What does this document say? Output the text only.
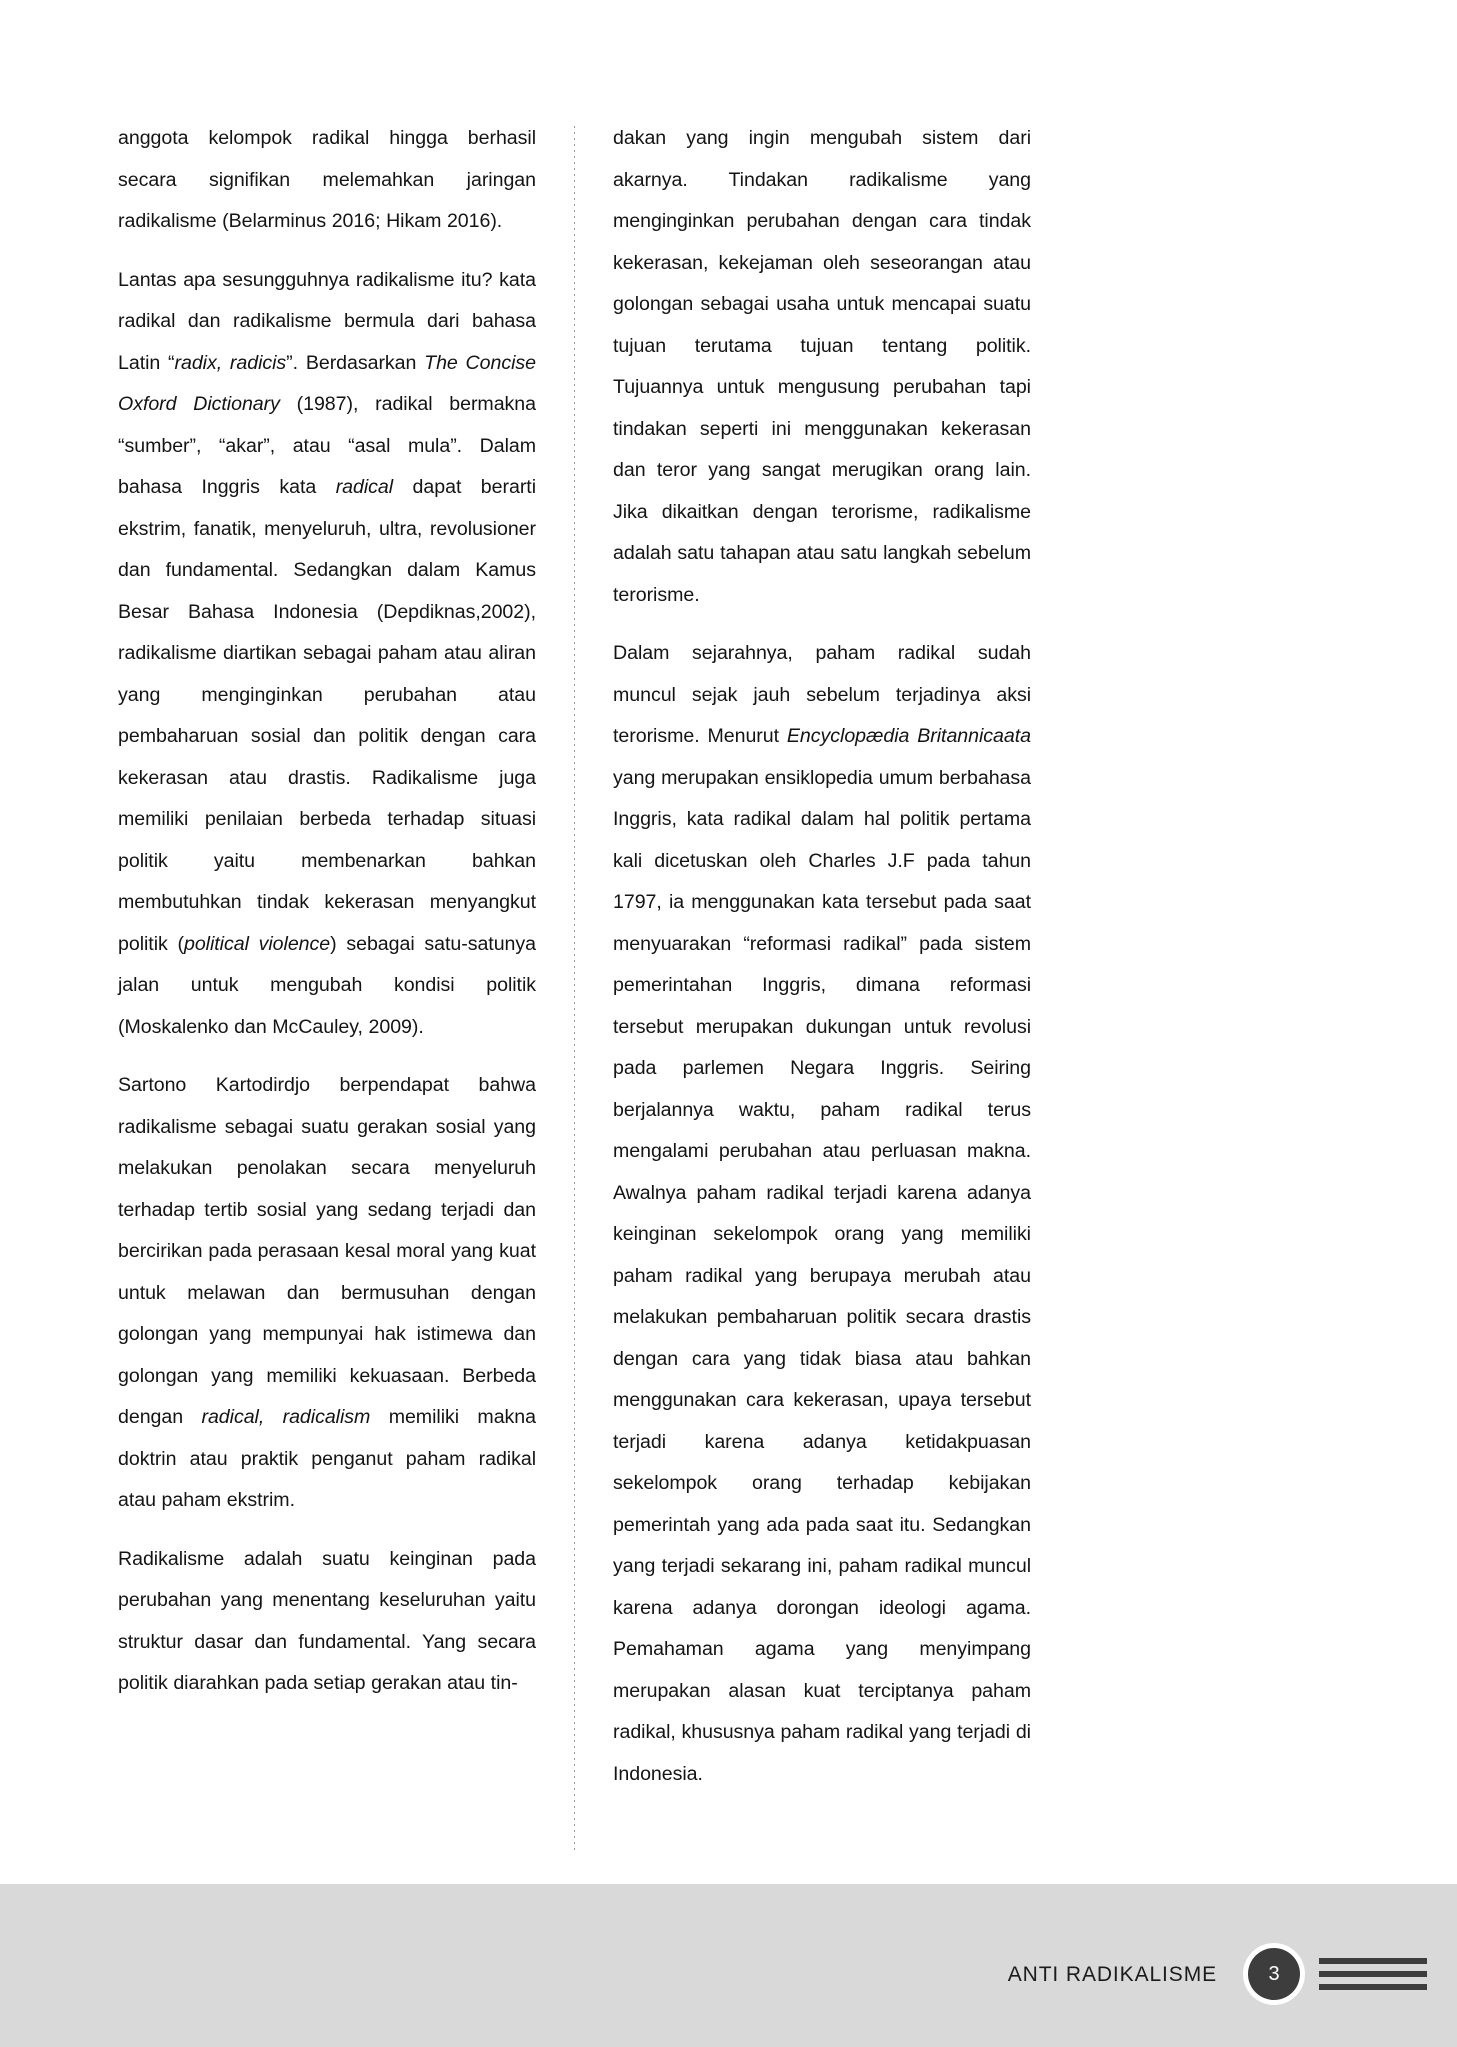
anggota kelompok radikal hingga berhasil secara signifikan melemahkan jaringan radikalisme (Belarminus 2016; Hikam 2016).

Lantas apa sesungguhnya radikalisme itu? kata radikal dan radikalisme bermula dari bahasa Latin “radix, radicis”. Berdasarkan The Concise Oxford Dictionary (1987), radikal bermakna “sumber”, “akar”, atau “asal mula”. Dalam bahasa Inggris kata radical dapat berarti ekstrim, fanatik, menyeluruh, ultra, revolusioner dan fundamental. Sedangkan dalam Kamus Besar Bahasa Indonesia (Depdiknas,2002), radikalisme diartikan sebagai paham atau aliran yang menginginkan perubahan atau pembaharuan sosial dan politik dengan cara kekerasan atau drastis. Radikalisme juga memiliki penilaian berbeda terhadap situasi politik yaitu membenarkan bahkan membutuhkan tindak kekerasan menyangkut politik (political violence) sebagai satu-satunya jalan untuk mengubah kondisi politik (Moskalenko dan McCauley, 2009).

Sartono Kartodirdjo berpendapat bahwa radikalisme sebagai suatu gerakan sosial yang melakukan penolakan secara menyeluruh terhadap tertib sosial yang sedang terjadi dan bercirikan pada perasaan kesal moral yang kuat untuk melawan dan bermusuhan dengan golongan yang mempunyai hak istimewa dan golongan yang memiliki kekuasaan. Berbeda dengan radical, radicalism memiliki makna doktrin atau praktik penganut paham radikal atau paham ekstrim.

Radikalisme adalah suatu keinginan pada perubahan yang menentang keseluruhan yaitu struktur dasar dan fundamental. Yang secara politik diarahkan pada setiap gerakan atau tin-

dakan yang ingin mengubah sistem dari akarnya. Tindakan radikalisme yang menginginkan perubahan dengan cara tindak kekerasan, kekejaman oleh seseorangan atau golongan sebagai usaha untuk mencapai suatu tujuan terutama tujuan tentang politik. Tujuannya untuk mengusung perubahan tapi tindakan seperti ini menggunakan kekerasan dan teror yang sangat merugikan orang lain. Jika dikaitkan dengan terorisme, radikalisme adalah satu tahapan atau satu langkah sebelum terorisme.

Dalam sejarahnya, paham radikal sudah muncul sejak jauh sebelum terjadinya aksi terorisme. Menurut Encyclopædia Britannicaata yang merupakan ensiklopedia umum berbahasa Inggris, kata radikal dalam hal politik pertama kali dicetuskan oleh Charles J.F pada tahun 1797, ia menggunakan kata tersebut pada saat menyuarakan “reformasi radikal” pada sistem pemerintahan Inggris, dimana reformasi tersebut merupakan dukungan untuk revolusi pada parlemen Negara Inggris. Seiring berjalannya waktu, paham radikal terus mengalami perubahan atau perluasan makna. Awalnya paham radikal terjadi karena adanya keinginan sekelompok orang yang memiliki paham radikal yang berupaya merubah atau melakukan pembaharuan politik secara drastis dengan cara yang tidak biasa atau bahkan menggunakan cara kekerasan, upaya tersebut terjadi karena adanya ketidakpuasan sekelompok orang terhadap kebijakan pemerintah yang ada pada saat itu. Sedangkan yang terjadi sekarang ini, paham radikal muncul karena adanya dorongan ideologi agama. Pemahaman agama yang menyimpang merupakan alasan kuat terciptanya paham radikal, khususnya paham radikal yang terjadi di Indonesia.

ANTI RADIKALISME	3
